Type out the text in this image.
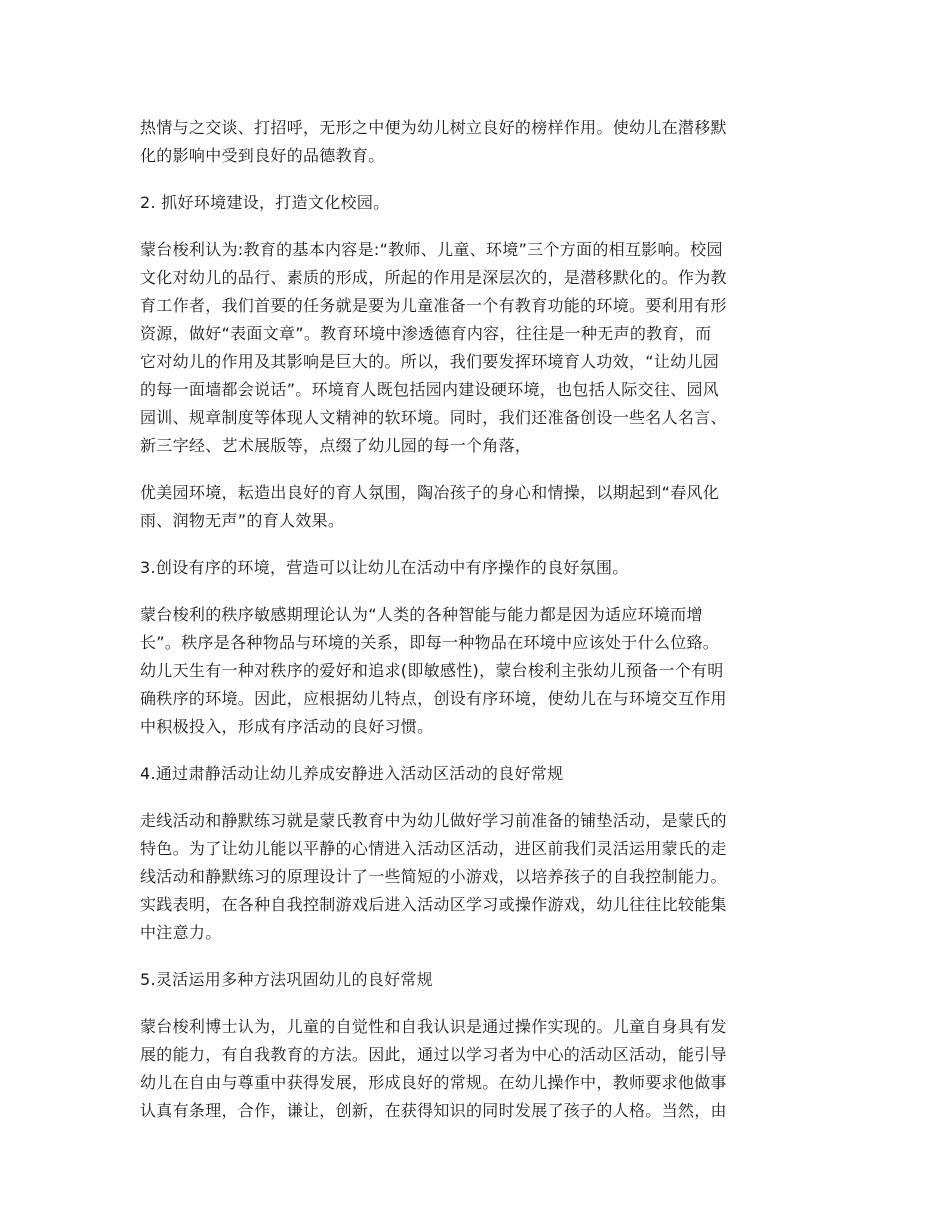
热情与之交谈、打招呼，无形之中便为幼儿树立良好的榜样作用。使幼儿在潜移默
化的影响中受到良好的品德教育。
2. 抓好环境建设，打造文化校园。
蒙台梭利认为:教育的基本内容是:“教师、儿童、环境”三个方面的相互影响。校园
文化对幼儿的品行、素质的形成，所起的作用是深层次的，是潜移默化的。作为教
育工作者，我们首要的任务就是要为儿童准备一个有教育功能的环境。要利用有形
资源，做好“表面文章”。教育环境中渗透德育内容，往往是一种无声的教育，而
它对幼儿的作用及其影响是巨大的。所以，我们要发挥环境育人功效，“让幼儿园
的每一面墙都会说话”。环境育人既包括园内建设硬环境，也包括人际交往、园风
园训、规章制度等体现人文精神的软环境。同时，我们还准备创设一些名人名言、
新三字经、艺术展版等，点缀了幼儿园的每一个角落，
优美园环境，耘造出良好的育人氛围，陶冶孩子的身心和情操，以期起到“春风化
雨、润物无声”的育人效果。
3.创设有序的环境，营造可以让幼儿在活动中有序操作的良好氛围。
蒙台梭利的秩序敏感期理论认为“人类的各种智能与能力都是因为适应环境而增
长”。秩序是各种物品与环境的关系，即每一种物品在环境中应该处于什么位臵。
幼儿天生有一种对秩序的爱好和追求(即敏感性)，蒙台梭利主张幼儿预备一个有明
确秩序的环境。因此，应根据幼儿特点，创设有序环境，使幼儿在与环境交互作用
中积极投入，形成有序活动的良好习惯。
4.通过肃静活动让幼儿养成安静进入活动区活动的良好常规
走线活动和静默练习就是蒙氏教育中为幼儿做好学习前准备的铺垫活动，是蒙氏的
特色。为了让幼儿能以平静的心情进入活动区活动，进区前我们灵活运用蒙氏的走
线活动和静默练习的原理设计了一些简短的小游戏，以培养孩子的自我控制能力。
实践表明，在各种自我控制游戏后进入活动区学习或操作游戏，幼儿往往比较能集
中注意力。
5.灵活运用多种方法巩固幼儿的良好常规
蒙台梭利博士认为，儿童的自觉性和自我认识是通过操作实现的。儿童自身具有发
展的能力，有自我教育的方法。因此，通过以学习者为中心的活动区活动，能引导
幼儿在自由与尊重中获得发展，形成良好的常规。在幼儿操作中，教师要求他做事
认真有条理，合作，谦让，创新，在获得知识的同时发展了孩子的人格。当然，由
